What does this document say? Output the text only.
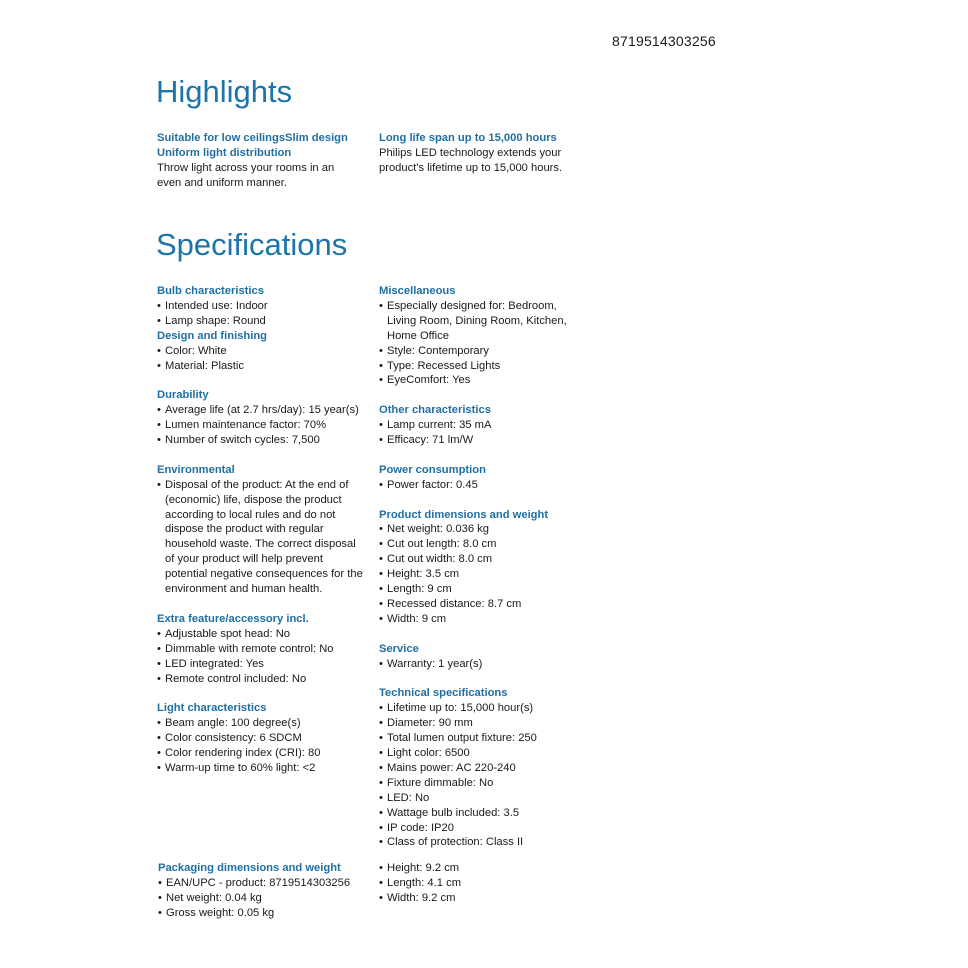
8719514303256
Highlights
Suitable for low ceilingsSlim design
Uniform light distribution
Throw light across your rooms in an even and uniform manner.
Long life span up to 15,000 hours
Philips LED technology extends your product's lifetime up to 15,000 hours.
Specifications
Bulb characteristics
• Intended use: Indoor
• Lamp shape: Round
Design and finishing
• Color: White
• Material: Plastic
Durability
• Average life (at 2.7 hrs/day): 15 year(s)
• Lumen maintenance factor: 70%
• Number of switch cycles: 7,500
Environmental
• Disposal of the product: At the end of (economic) life, dispose the product according to local rules and do not dispose the product with regular household waste. The correct disposal of your product will help prevent potential negative consequences for the environment and human health.
Extra feature/accessory incl.
• Adjustable spot head: No
• Dimmable with remote control: No
• LED integrated: Yes
• Remote control included: No
Light characteristics
• Beam angle: 100 degree(s)
• Color consistency: 6 SDCM
• Color rendering index (CRI): 80
• Warm-up time to 60% light: <2
Miscellaneous
• Especially designed for: Bedroom, Living Room, Dining Room, Kitchen, Home Office
• Style: Contemporary
• Type: Recessed Lights
• EyeComfort: Yes
Other characteristics
• Lamp current: 35 mA
• Efficacy: 71 lm/W
Power consumption
• Power factor: 0.45
Product dimensions and weight
• Net weight: 0.036 kg
• Cut out length: 8.0 cm
• Cut out width: 8.0 cm
• Height: 3.5 cm
• Length: 9 cm
• Recessed distance: 8.7 cm
• Width: 9 cm
Service
• Warranty: 1 year(s)
Technical specifications
• Lifetime up to: 15,000 hour(s)
• Diameter: 90 mm
• Total lumen output fixture: 250
• Light color: 6500
• Mains power: AC 220-240
• Fixture dimmable: No
• LED: No
• Wattage bulb included: 3.5
• IP code: IP20
• Class of protection: Class II
Packaging dimensions and weight
• EAN/UPC - product: 8719514303256
• Net weight: 0.04 kg
• Gross weight: 0.05 kg
• Height: 9.2 cm
• Length: 4.1 cm
• Width: 9.2 cm
